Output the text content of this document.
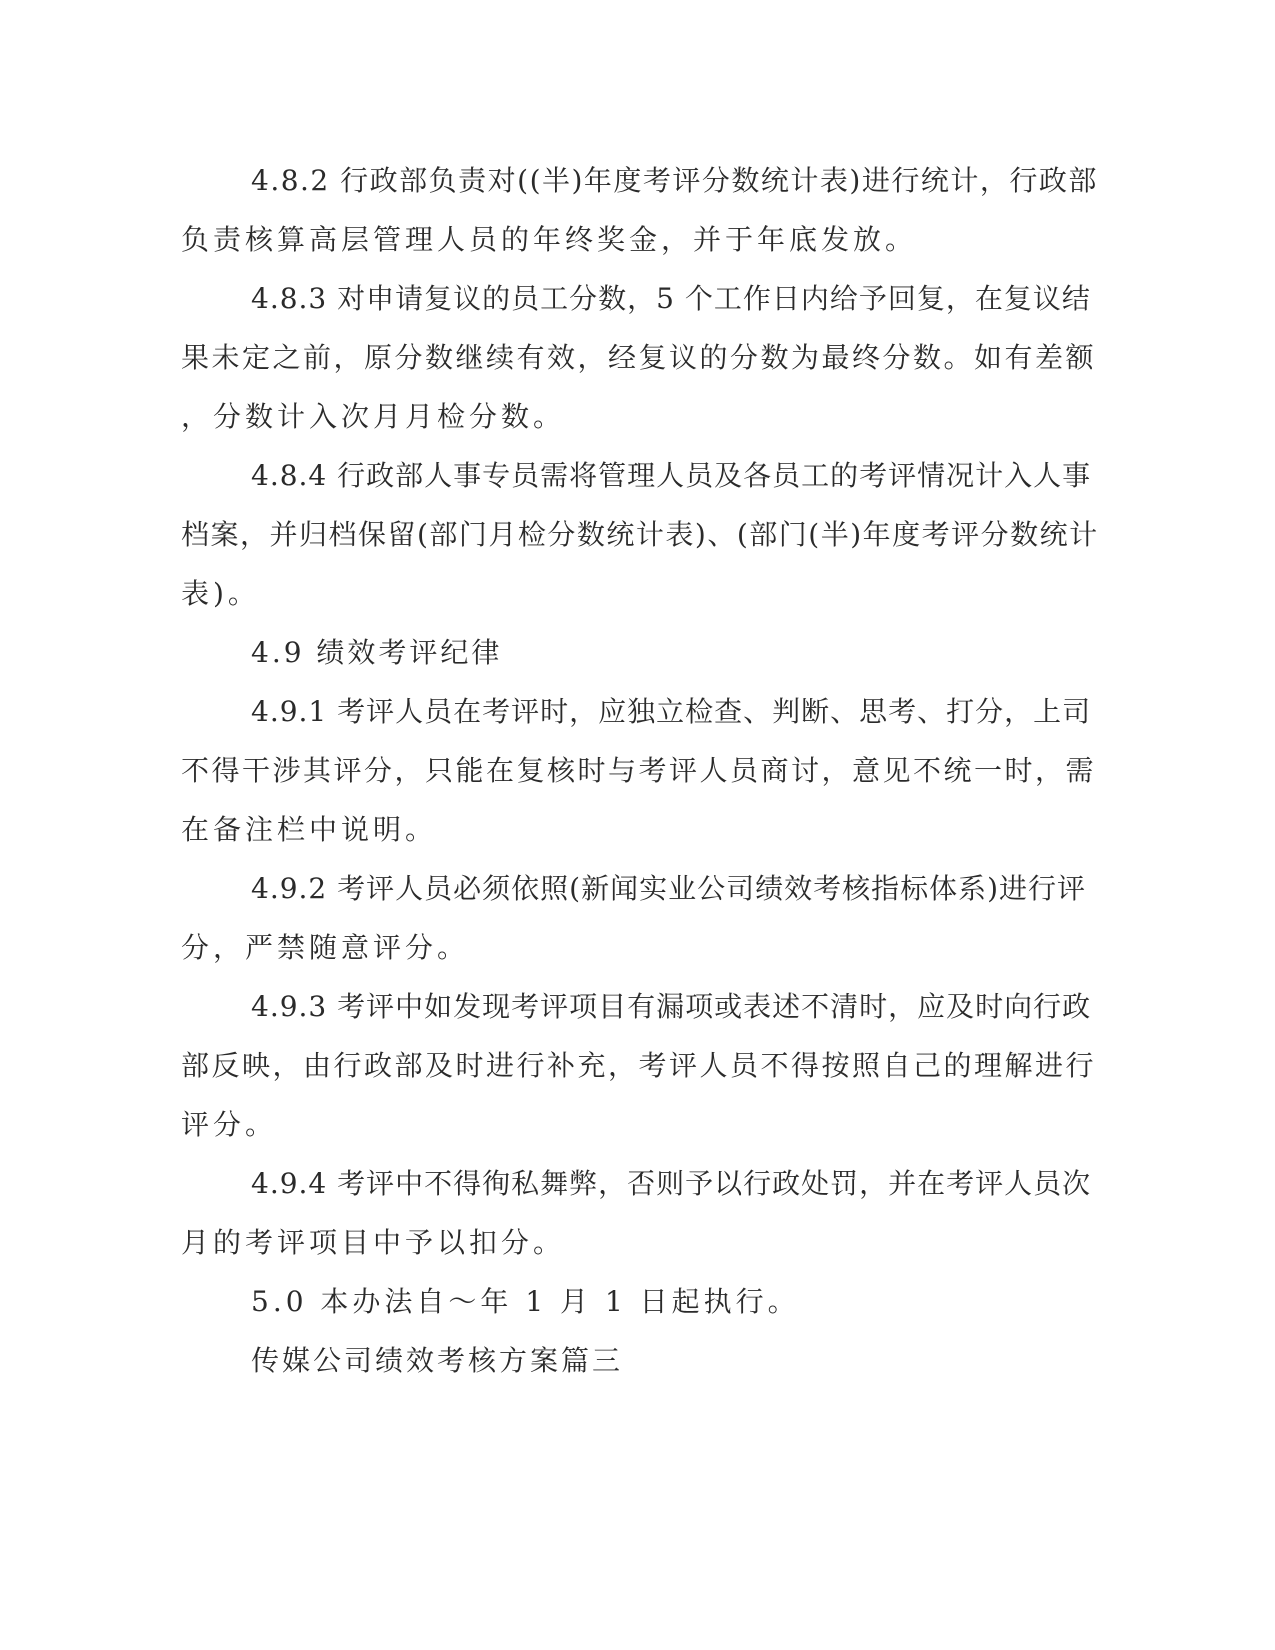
4.8.2 行政部负责对((半)年度考评分数统计表)进行统计，行政部

负责核算高层管理人员的年终奖金，并于年底发放。

4.8.3 对申请复议的员工分数，5 个工作日内给予回复，在复议结

果未定之前，原分数继续有效，经复议的分数为最终分数。如有差额

，分数计入次月月检分数。

4.8.4 行政部人事专员需将管理人员及各员工的考评情况计入人事

档案，并归档保留(部门月检分数统计表)、(部门(半)年度考评分数统计

表)。

4.9 绩效考评纪律

4.9.1 考评人员在考评时，应独立检查、判断、思考、打分，上司

不得干涉其评分，只能在复核时与考评人员商讨，意见不统一时，需

在备注栏中说明。

4.9.2 考评人员必须依照(新闻实业公司绩效考核指标体系)进行评

分，严禁随意评分。

4.9.3 考评中如发现考评项目有漏项或表述不清时，应及时向行政

部反映，由行政部及时进行补充，考评人员不得按照自己的理解进行

评分。

4.9.4 考评中不得徇私舞弊，否则予以行政处罚，并在考评人员次

月的考评项目中予以扣分。

5.0 本办法自～年 1 月 1 日起执行。

传媒公司绩效考核方案篇三
